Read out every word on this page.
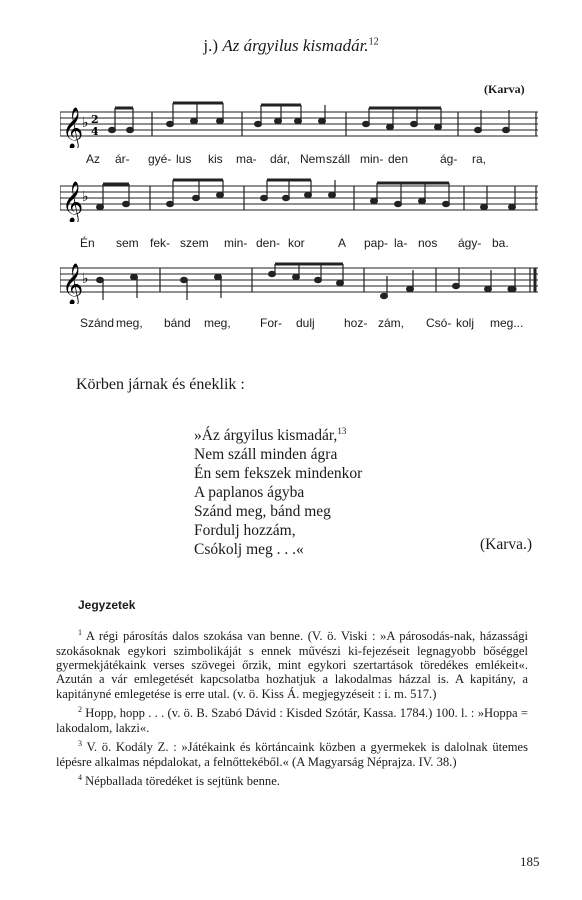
j.) Az árgyilus kismadár.$^{12}$
(Karva)
𝄞
♭ 2
4
Az ár- gyé- lus kis ma- dár, Nem száll min- den	ág- ra,
𝄞
♭
Én sem fek- szem min- den- kor	A pap- la- nos ágy- ba.
𝄞
♭
Szánd meg, bánd meg, For- dulj hoz- zám, Csó- kolj meg...
Körben járnak és éneklik :
»Áz árgyilus kismadár,$^{13}$
Nem száll minden ágra
Én sem fekszek mindenkor
A paplanos ágyba
Szánd meg, bánd meg
Fordulj hozzám,
Csókolj meg . . .«	(Karva.)
Jegyzetek

$^1$ A régi párosítás dalos szokása van benne. (V. ö. Viski : »A párosodás-nak, házassági szokásoknak egykori szimbolikáját s ennek művészi ki-fejezéseit legnagyobb bőséggel gyermekjátékaink verses szövegei őrzik, mint egykori szertartások töredékes emlékeit«. Azután a vár emlegetését kapcsolatba hozhatjuk a lakodalmas házzal is. A kapitány, a kapitányné emlegetése is erre utal. (v. ö. Kiss Á. megjegyzéseit : i. m. 517.)

$^2$ Hopp, hopp . . . (v. ö. B. Szabó Dávid : Kisded Szótár, Kassa. 1784.) 100. l. : »Hoppa = lakodalom, lakzi«.

$^3$ V. ö. Kodály Z. : »Játékaink és körtáncaink közben a gyermekek is dalolnak ütemes lépésre alkalmas népdalokat, a felnőttekéből.« (A Magyarság Néprajza. IV. 38.)

$^4$ Népballada töredéket is sejtünk benne.

185
